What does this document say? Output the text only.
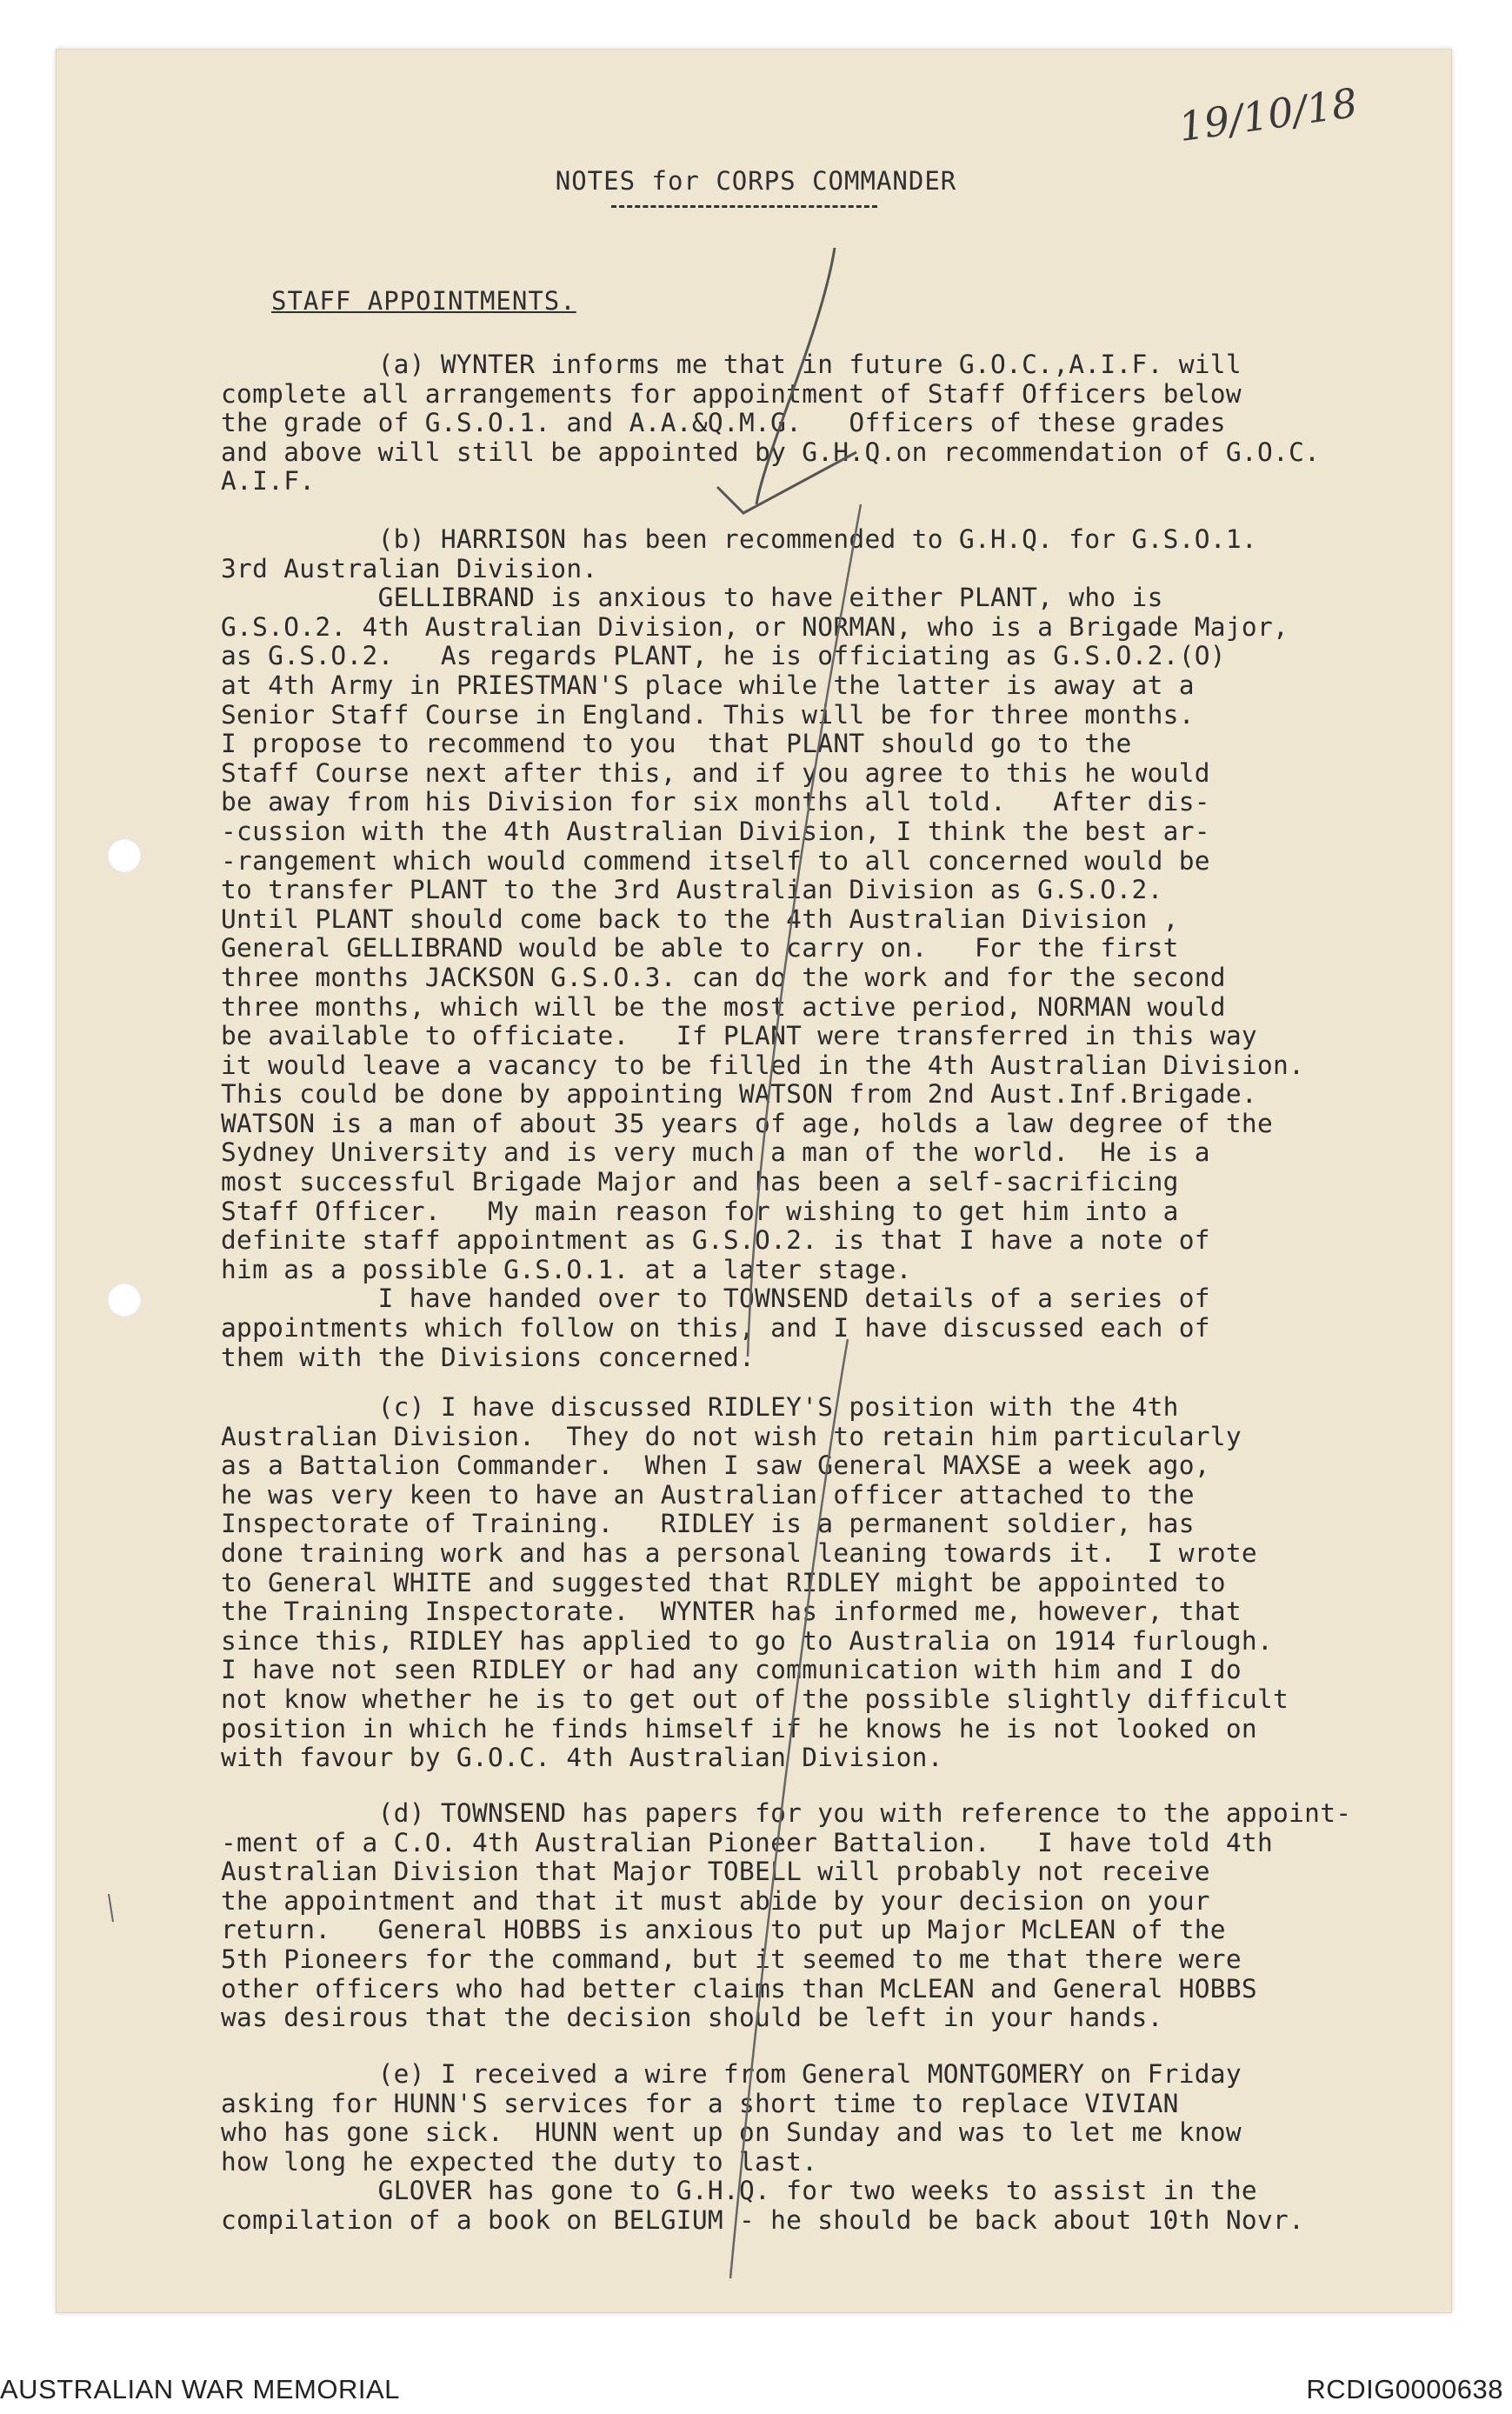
19/10/18
NOTES for CORPS COMMANDER
STAFF APPOINTMENTS.
(a) WYNTER informs me that in future G.O.C.,A.I.F. will
complete all arrangements for appointment of Staff Officers below
the grade of G.S.O.1. and A.A.&Q.M.G.   Officers of these grades
and above will still be appointed by G.H.Q.on recommendation of G.O.C.
A.I.F.
(b) HARRISON has been recommended to G.H.Q. for G.S.O.1.
3rd Australian Division.
GELLIBRAND is anxious to have either PLANT, who is
G.S.O.2. 4th Australian Division, or NORMAN, who is a Brigade Major,
as G.S.O.2.   As regards PLANT, he is officiating as G.S.O.2.(O)
at 4th Army in PRIESTMAN'S place while the latter is away at a
Senior Staff Course in England. This will be for three months.
I propose to recommend to you  that PLANT should go to the
Staff Course next after this, and if you agree to this he would
be away from his Division for six months all told.   After dis-
-cussion with the 4th Australian Division, I think the best ar-
-rangement which would commend itself to all concerned would be
to transfer PLANT to the 3rd Australian Division as G.S.O.2.
Until PLANT should come back to the 4th Australian Division ,
General GELLIBRAND would be able to carry on.   For the first
three months JACKSON G.S.O.3. can do the work and for the second
three months, which will be the most active period, NORMAN would
be available to officiate.   If PLANT were transferred in this way
it would leave a vacancy to be filled in the 4th Australian Division.
This could be done by appointing WATSON from 2nd Aust.Inf.Brigade.
WATSON is a man of about 35 years of age, holds a law degree of the
Sydney University and is very much a man of the world.  He is a
most successful Brigade Major and has been a self-sacrificing
Staff Officer.   My main reason for wishing to get him into a
definite staff appointment as G.S.O.2. is that I have a note of
him as a possible G.S.O.1. at a later stage.
I have handed over to TOWNSEND details of a series of
appointments which follow on this, and I have discussed each of
them with the Divisions concerned.
(c) I have discussed RIDLEY'S position with the 4th
Australian Division.  They do not wish to retain him particularly
as a Battalion Commander.  When I saw General MAXSE a week ago,
he was very keen to have an Australian officer attached to the
Inspectorate of Training.   RIDLEY is a permanent soldier, has
done training work and has a personal leaning towards it.  I wrote
to General WHITE and suggested that RIDLEY might be appointed to
the Training Inspectorate.  WYNTER has informed me, however, that
since this, RIDLEY has applied to go to Australia on 1914 furlough.
I have not seen RIDLEY or had any communication with him and I do
not know whether he is to get out of the possible slightly difficult
position in which he finds himself if he knows he is not looked on
with favour by G.O.C. 4th Australian Division.
(d) TOWNSEND has papers for you with reference to the appoint-
-ment of a C.O. 4th Australian Pioneer Battalion.   I have told 4th
Australian Division that Major TOBELL will probably not receive
the appointment and that it must abide by your decision on your
return.   General HOBBS is anxious to put up Major McLEAN of the
5th Pioneers for the command, but it seemed to me that there were
other officers who had better claims than McLEAN and General HOBBS
was desirous that the decision should be left in your hands.
(e) I received a wire from General MONTGOMERY on Friday
asking for HUNN'S services for a short time to replace VIVIAN
who has gone sick.  HUNN went up on Sunday and was to let me know
how long he expected the duty to last.
GLOVER has gone to G.H.Q. for two weeks to assist in the
compilation of a book on BELGIUM - he should be back about 10th Novr.
AUSTRALIAN WAR MEMORIAL	RCDIG0000638
